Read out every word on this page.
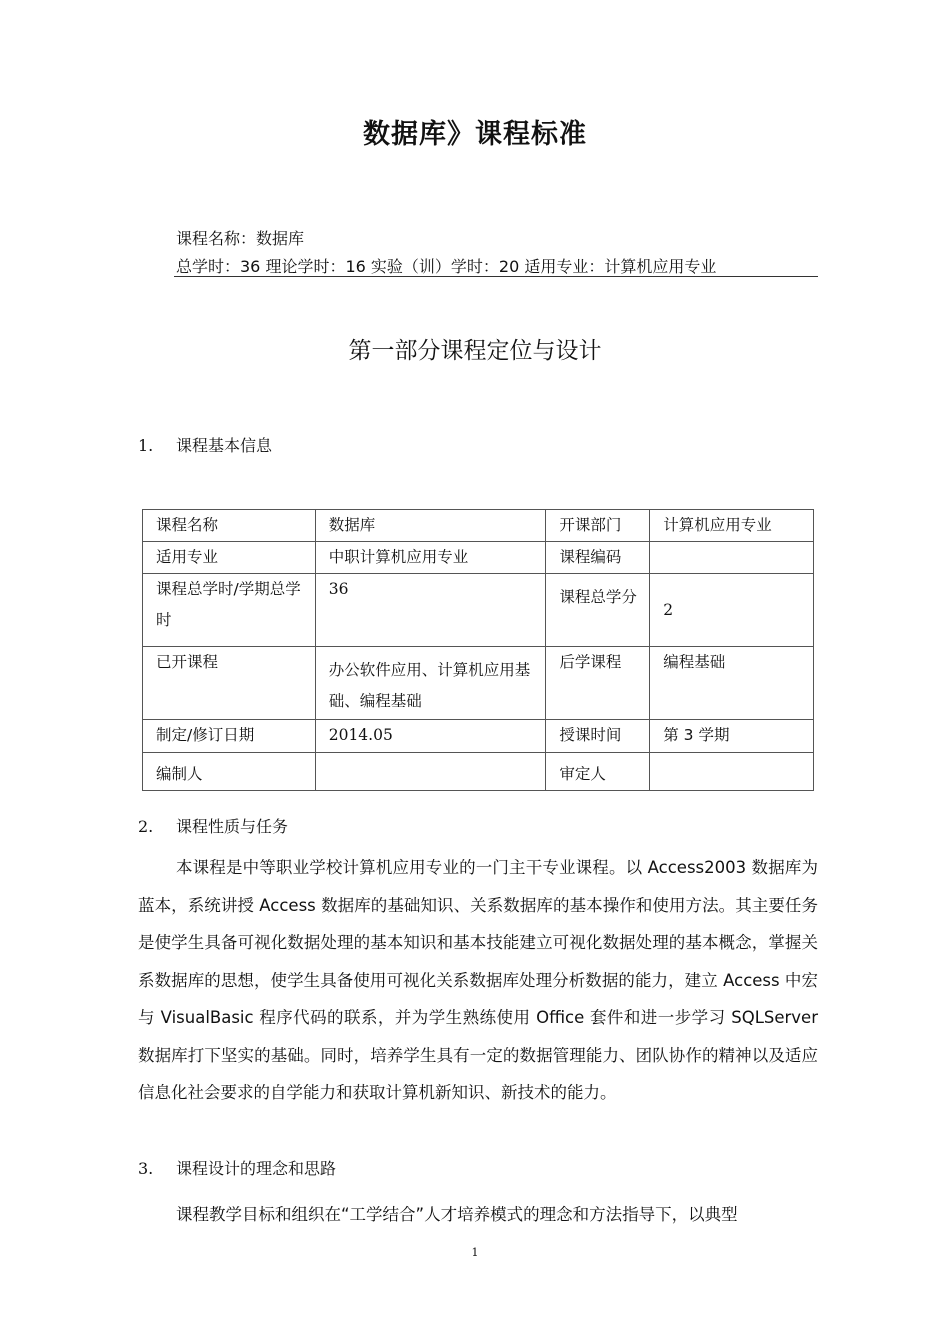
数据库》课程标准
课程名称：数据库
总学时：36 理论学时：16 实验（训）学时：20 适用专业：计算机应用专业
第一部分课程定位与设计
1. 课程基本信息
课程名称	数据库	开课部门	计算机应用专业
适用专业	中职计算机应用专业	课程编码	
课程总学时/学期总学时	36	课程总学分	2
已开课程	办公软件应用、计算机应用基础、编程基础	后学课程	编程基础
制定/修订日期	2014.05	授课时间	第 3 学期
编制人		审定人	
2. 课程性质与任务
本课程是中等职业学校计算机应用专业的一门主干专业课程。以 Access2003 数据库为蓝本，系统讲授 Access 数据库的基础知识、关系数据库的基本操作和使用方法。其主要任务是使学生具备可视化数据处理的基本知识和基本技能建立可视化数据处理的基本概念，掌握关系数据库的思想，使学生具备使用可视化关系数据库处理分析数据的能力，建立 Access 中宏与 VisualBasic 程序代码的联系，并为学生熟练使用 Office 套件和进一步学习 SQLServer 数据库打下坚实的基础。同时，培养学生具有一定的数据管理能力、团队协作的精神以及适应信息化社会要求的自学能力和获取计算机新知识、新技术的能力。
3. 课程设计的理念和思路
课程教学目标和组织在“工学结合”人才培养模式的理念和方法指导下，以典型
1
